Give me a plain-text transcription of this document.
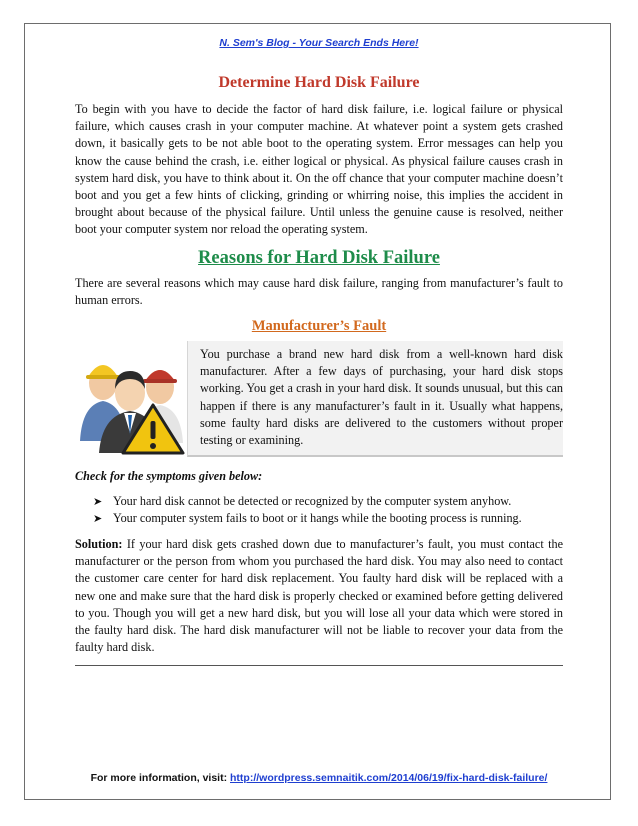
N. Sem's Blog - Your Search Ends Here!
Determine Hard Disk Failure

To begin with you have to decide the factor of hard disk failure, i.e. logical failure or physical failure, which causes crash in your computer machine. At whatever point a system gets crashed down, it basically gets to be not able boot to the operating system. Error messages can help you know the cause behind the crash, i.e. either logical or physical. As physical failure causes crash in system hard disk, you have to think about it. On the off chance that your computer machine doesn’t boot and you get a few hints of clicking, grinding or whirring noise, this implies the accident in brought about because of the physical failure. Until unless the genuine cause is resolved, neither boot your computer system nor reload the operating system.

Reasons for Hard Disk Failure

There are several reasons which may cause hard disk failure, ranging from manufacturer’s fault to human errors.

Manufacturer’s Fault

You purchase a brand new hard disk from a well-known hard disk manufacturer. After a few days of purchasing, your hard disk stops working. You get a crash in your hard disk. It sounds unusual, but this can happen if there is any manufacturer’s fault in it. Usually what happens, some faulty hard disks are delivered to the customers without proper testing or examining.

Check for the symptoms given below:
➤ Your hard disk cannot be detected or recognized by the computer system anyhow.
➤ Your computer system fails to boot or it hangs while the booting process is running.

Solution: If your hard disk gets crashed down due to manufacturer’s fault, you must contact the manufacturer or the person from whom you purchased the hard disk. You may also need to contact the customer care center for hard disk replacement. You faulty hard disk will be replaced with a new one and make sure that the hard disk is properly checked or examined before getting delivered to you. Though you will get a new hard disk, but you will lose all your data which were stored in the faulty hard disk. The hard disk manufacturer will not be liable to recover your data from the faulty hard disk.

For more information, visit: http://wordpress.semnaitik.com/2014/06/19/fix-hard-disk-failure/
